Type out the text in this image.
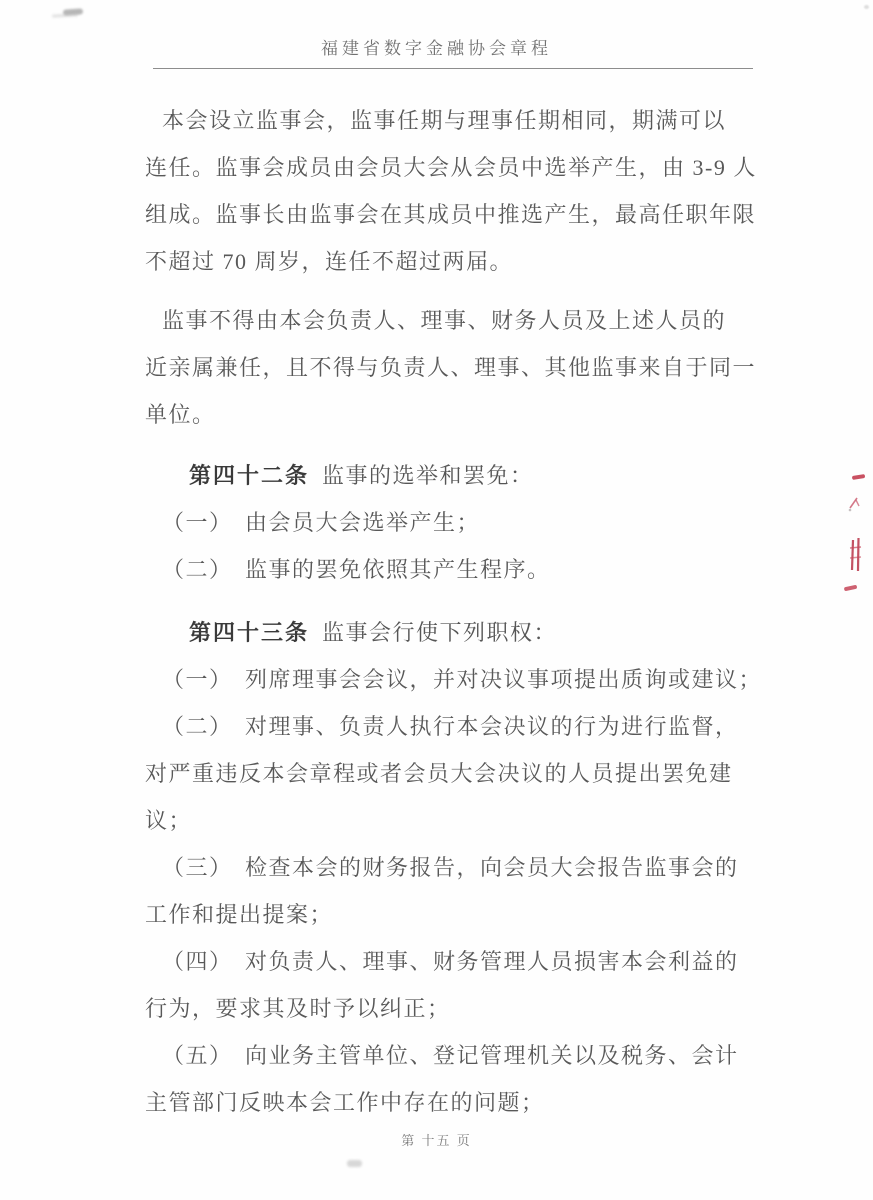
福建省数字金融协会章程
本会设立监事会，监事任期与理事任期相同，期满可以
连任。监事会成员由会员大会从会员中选举产生，由 3-9 人
组成。监事长由监事会在其成员中推选产生，最高任职年限
不超过 70 周岁，连任不超过两届。
监事不得由本会负责人、理事、财务人员及上述人员的
近亲属兼任，且不得与负责人、理事、其他监事来自于同一
单位。
第四十二条 监事的选举和罢免：
（一）　由会员大会选举产生；
（二）　监事的罢免依照其产生程序。
第四十三条 监事会行使下列职权：
（一）　列席理事会会议，并对决议事项提出质询或建议；
（二）　对理事、负责人执行本会决议的行为进行监督，
对严重违反本会章程或者会员大会决议的人员提出罢免建
议；
（三）　检查本会的财务报告，向会员大会报告监事会的
工作和提出提案；
（四）　对负责人、理事、财务管理人员损害本会利益的
行为，要求其及时予以纠正；
（五）　向业务主管单位、登记管理机关以及税务、会计
主管部门反映本会工作中存在的问题；
第 十五 页
